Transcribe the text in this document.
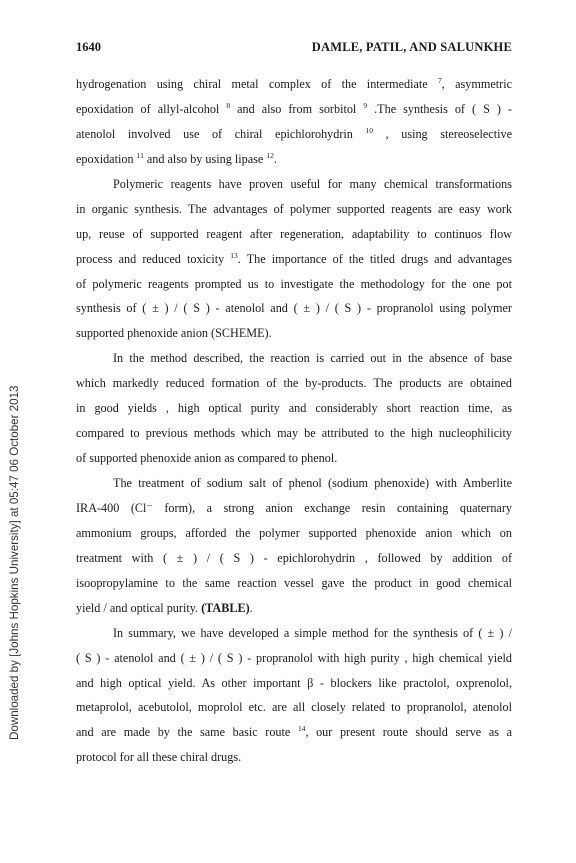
1640	DAMLE, PATIL, AND SALUNKHE
Downloaded by [Johns Hopkins University] at 05:47 06 October 2013

hydrogenation using chiral metal complex of the intermediate $^7$, asymmetric
epoxidation of allyl-alcohol $^8$ and also from sorbitol $^9$ .The synthesis of ( S ) -
atenolol involved use of chiral epichlorohydrin $^{10}$ , using stereoselective
epoxidation $^{11}$ and also by using lipase $^{12}$.

Polymeric reagents have proven useful for many chemical transformations
in organic synthesis. The advantages of polymer supported reagents are easy work
up, reuse of supported reagent after regeneration, adaptability to continuos flow
process and reduced toxicity $^{13}$. The importance of the titled drugs and advantages
of polymeric reagents prompted us to investigate the methodology for the one pot
synthesis of ( ± ) / ( S ) - atenolol and ( ± ) / ( S ) - propranolol using polymer
supported phenoxide anion (SCHEME).

In the method described, the reaction is carried out in the absence of base
which markedly reduced formation of the by-products. The products are obtained
in good yields , high optical purity and considerably short reaction time, as
compared to previous methods which may be attributed to the high nucleophilicity
of supported phenoxide anion as compared to phenol.

The treatment of sodium salt of phenol (sodium phenoxide) with Amberlite
IRA-400 (Cl⁻ form), a strong anion exchange resin containing quaternary
ammonium groups, afforded the polymer supported phenoxide anion which on
treatment with ( ± ) / ( S ) - epichlorohydrin , followed by addition of
isoopropylamine to the same reaction vessel gave the product in good chemical
yield / and optical purity. (TABLE).

In summary, we have developed a simple method for the synthesis of ( ± ) /
( S ) - atenolol and ( ± ) / ( S ) - propranolol with high purity , high chemical yield
and high optical yield. As other important β - blockers like practolol, oxprenolol,
metaprolol, acebutolol, moprolol etc. are all closely related to propranolol, atenolol
and are made by the same basic route $^{14}$, our present route should serve as a
protocol for all these chiral drugs.
